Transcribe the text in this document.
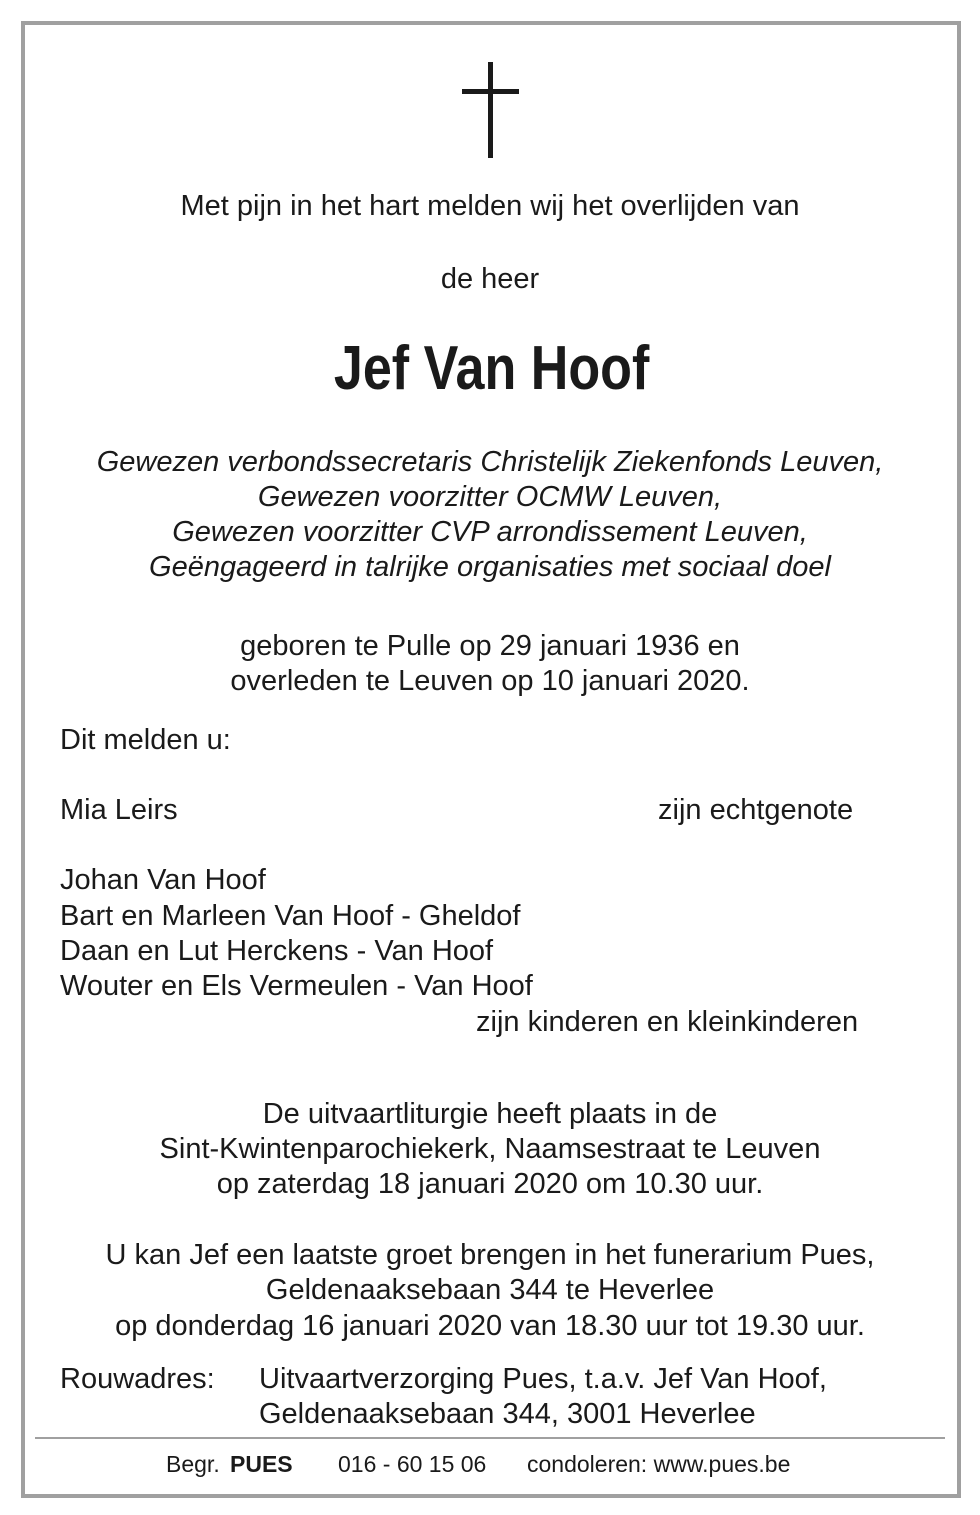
Met pijn in het hart melden wij het overlijden van
de heer
Jef Van Hoof
Gewezen verbondssecretaris Christelijk Ziekenfonds Leuven,
Gewezen voorzitter OCMW Leuven,
Gewezen voorzitter CVP arrondissement Leuven,
Geëngageerd in talrijke organisaties met sociaal doel
geboren te Pulle op 29 januari 1936 en
overleden te Leuven op 10 januari 2020.
Dit melden u:
Mia Leirs	zijn echtgenote
Johan Van Hoof
Bart en Marleen Van Hoof - Gheldof
Daan en Lut Herckens - Van Hoof
Wouter en Els Vermeulen - Van Hoof
zijn kinderen en kleinkinderen
De uitvaartliturgie heeft plaats in de
Sint-Kwintenparochiekerk, Naamsestraat te Leuven
op zaterdag 18 januari 2020 om 10.30 uur.
U kan Jef een laatste groet brengen in het funerarium Pues,
Geldenaaksebaan 344 te Heverlee
op donderdag 16 januari 2020 van 18.30 uur tot 19.30 uur.
Rouwadres: Uitvaartverzorging Pues, t.a.v. Jef Van Hoof,
Geldenaaksebaan 344, 3001 Heverlee
Begr. PUES 016 - 60 15 06 condoleren: www.pues.be
